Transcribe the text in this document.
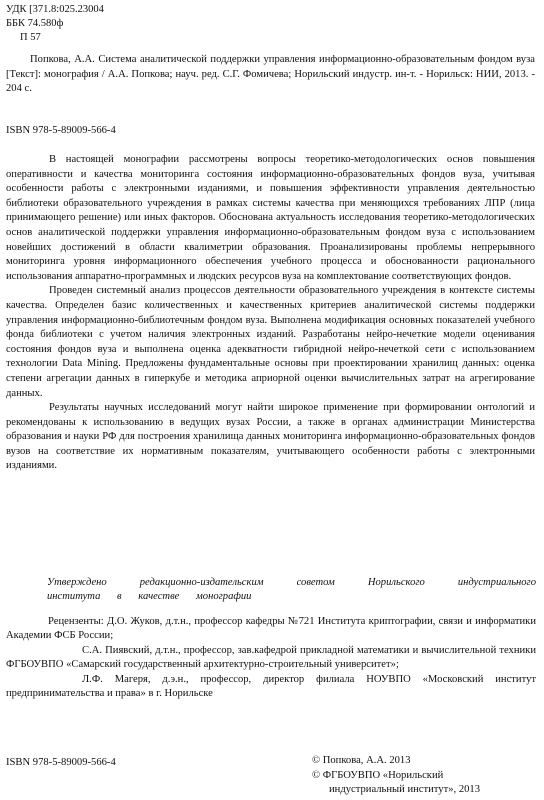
УДК [371.8:025.23004
ББК 74.580ф
П 57
Попкова, А.А. Система аналитической поддержки управления информационно-образовательным фондом вуза [Текст]: монография / А.А. Попкова; науч. ред. С.Г. Фомичева; Норильский индустр. ин-т. - Норильск: НИИ, 2013. - 204 с.
ISBN 978-5-89009-566-4

В настоящей монографии рассмотрены вопросы теоретико-методологических основ повышения оперативности и качества мониторинга состояния информационно-образовательных фондов вуза, учитывая особенности работы с электронными изданиями, и повышения эффективности управления деятельностью библиотеки образовательного учреждения в рамках системы качества при меняющихся требованиях ЛПР (лица принимающего решение) или иных факторов. Обоснована актуальность исследования теоретико-методологических основ аналитической поддержки управления информационно-образовательным фондом вуза с использованием новейших достижений в области квалиметрии образования. Проанализированы проблемы непрерывного мониторинга уровня информационного обеспечения учебного процесса и обоснованности рационального использования аппаратно-программных и людских ресурсов вуза на комплектование соответствующих фондов.

Проведен системный анализ процессов деятельности образовательного учреждения в контексте системы качества. Определен базис количественных и качественных критериев аналитической системы поддержки управления информационно-библиотечным фондом вуза. Выполнена модификация основных показателей учебного фонда библиотеки с учетом наличия электронных изданий. Разработаны нейро-нечеткие модели оценивания состояния фондов вуза и выполнена оценка адекватности гибридной нейро-нечеткой сети с использованием технологии Data Mining. Предложены фундаментальные основы при проектировании хранилищ данных: оценка степени агрегации данных в гиперкубе и методика априорной оценки вычислительных затрат на агрегирование данных.

Результаты научных исследований могут найти широкое применение при формировании онтологий и рекомендованы к использованию в ведущих вузах России, а также в органах администрации Министерства образования и науки РФ для построения хранилища данных мониторинга информационно-образовательных фондов вузов на соответствие их нормативным показателям, учитывающего особенности работы с электронными изданиями.

Утверждено редакционно-издательским советом Норильского индустриального
института в качестве монографии

Рецензенты: Д.О. Жуков, д.т.н., профессор кафедры №721 Института криптографии, связи и информатики Академии ФСБ России;

С.А. Пиявский, д.т.н., профессор, зав.кафедрой прикладной математики и вычислительной техники ФГБОУВПО «Самарский государственный архитектурно-строительный университет»;

Л.Ф. Магеря, д.э.н., профессор, директор филиала НОУВПО «Московский институт предпринимательства и права» в г. Норильске

ISBN 978-5-89009-566-4	© Попкова, А.А. 2013
© ФГБОУВПО «Норильский
индустриальный институт», 2013
